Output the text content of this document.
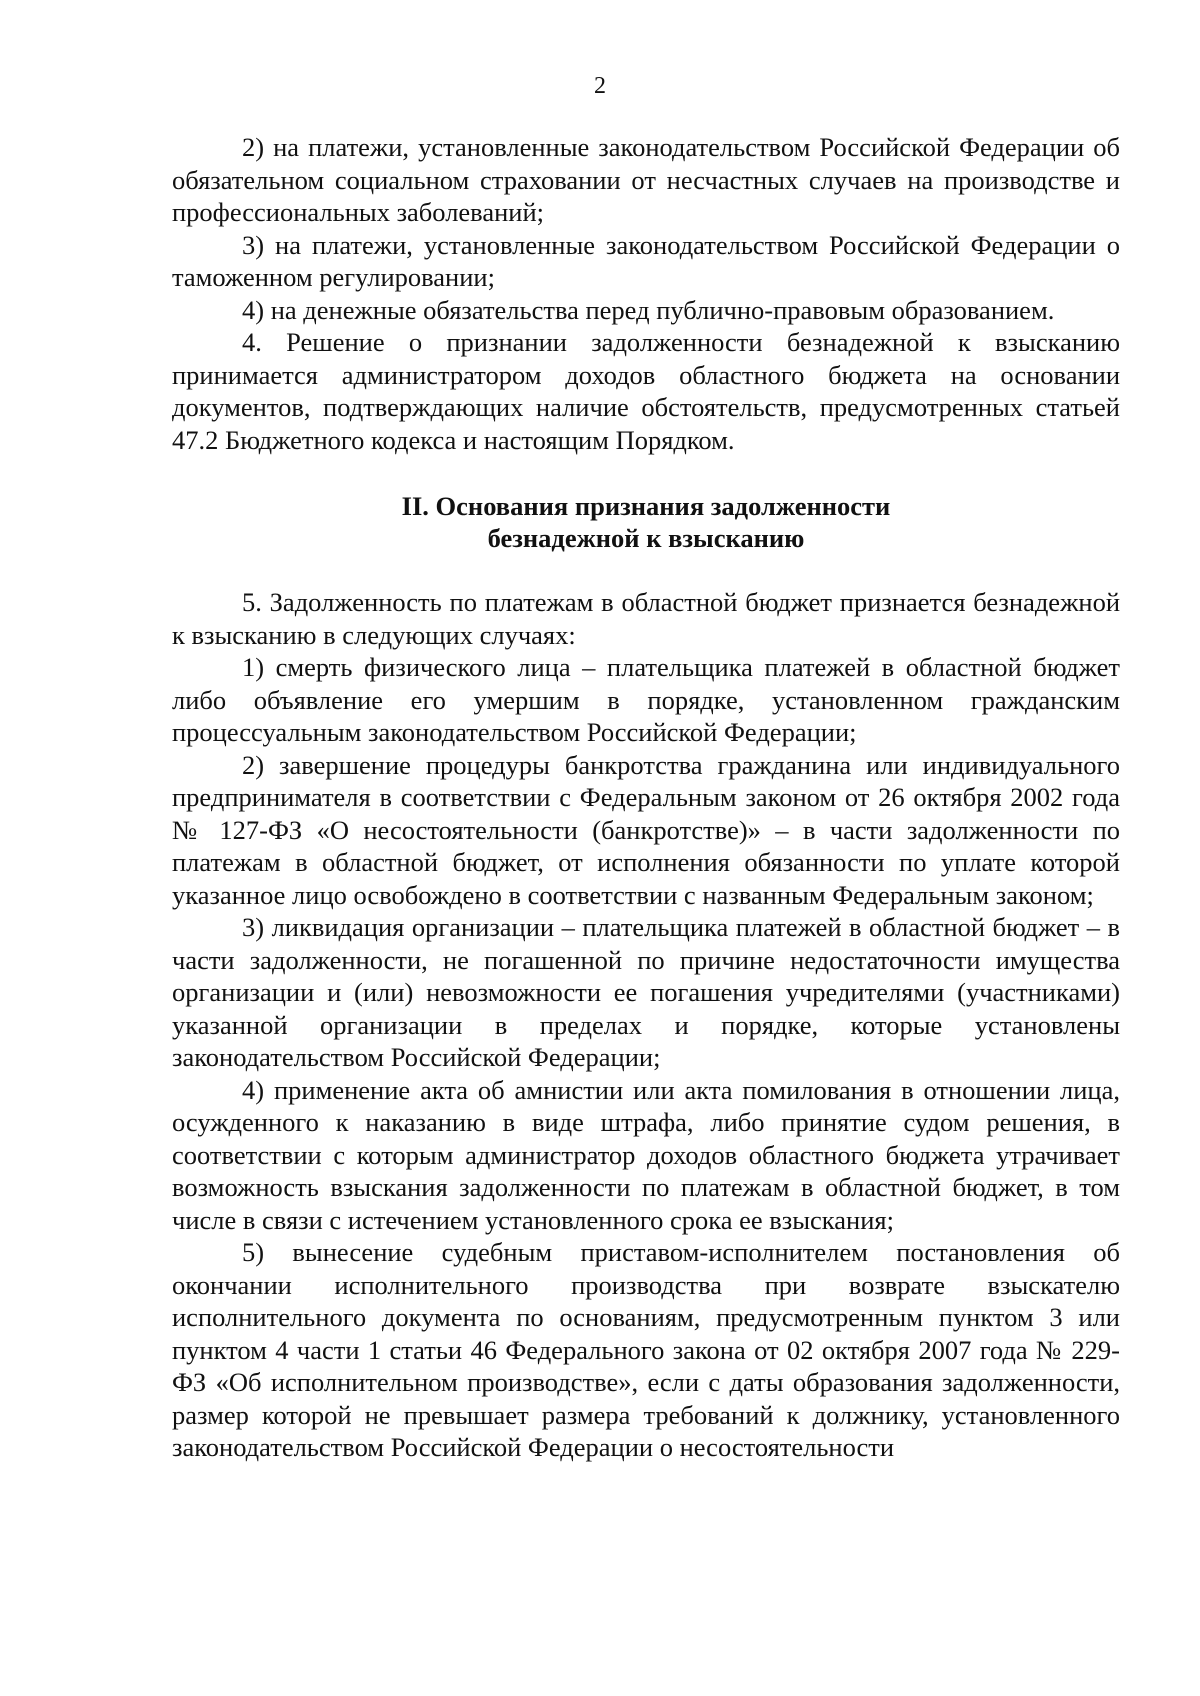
2

2) на платежи, установленные законодательством Российской Федерации об обязательном социальном страховании от несчастных случаев на производстве и профессиональных заболеваний;

3) на платежи, установленные законодательством Российской Федерации о таможенном регулировании;

4) на денежные обязательства перед публично-правовым образованием.

4. Решение о признании задолженности безнадежной к взысканию принимается администратором доходов областного бюджета на основании документов, подтверждающих наличие обстоятельств, предусмотренных статьей 47.2 Бюджетного кодекса и настоящим Порядком.

II. Основания признания задолженности
безнадежной к взысканию

5. Задолженность по платежам в областной бюджет признается безнадежной к взысканию в следующих случаях:

1) смерть физического лица – плательщика платежей в областной бюджет либо объявление его умершим в порядке, установленном гражданским процессуальным законодательством Российской Федерации;

2) завершение процедуры банкротства гражданина или индивидуального предпринимателя в соответствии с Федеральным законом от 26 октября 2002 года № 127-ФЗ «О несостоятельности (банкротстве)» – в части задолженности по платежам в областной бюджет, от исполнения обязанности по уплате которой указанное лицо освобождено в соответствии с названным Федеральным законом;

3) ликвидация организации – плательщика платежей в областной бюджет – в части задолженности, не погашенной по причине недостаточности имущества организации и (или) невозможности ее погашения учредителями (участниками) указанной организации в пределах и порядке, которые установлены законодательством Российской Федерации;

4) применение акта об амнистии или акта помилования в отношении лица, осужденного к наказанию в виде штрафа, либо принятие судом решения, в соответствии с которым администратор доходов областного бюджета утрачивает возможность взыскания задолженности по платежам в областной бюджет, в том числе в связи с истечением установленного срока ее взыскания;

5) вынесение судебным приставом-исполнителем постановления об окончании исполнительного производства при возврате взыскателю исполнительного документа по основаниям, предусмотренным пунктом 3 или пунктом 4 части 1 статьи 46 Федерального закона от 02 октября 2007 года № 229-ФЗ «Об исполнительном производстве», если с даты образования задолженности, размер которой не превышает размера требований к должнику, установленного законодательством Российской Федерации о несостоятельности
